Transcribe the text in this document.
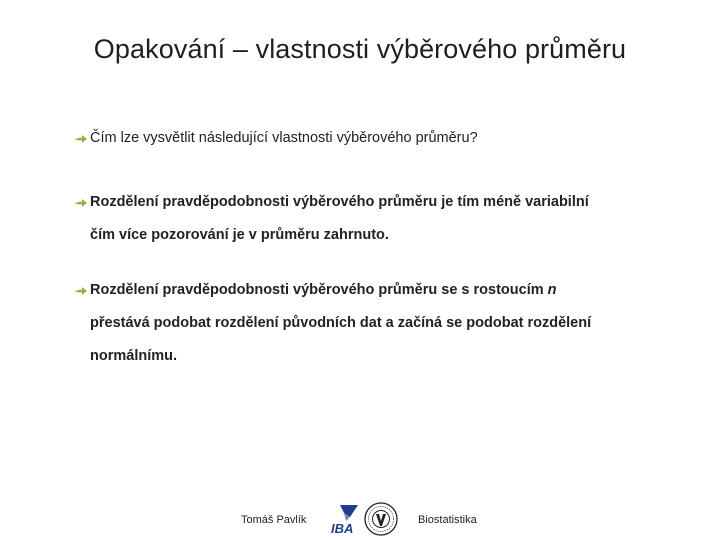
Opakování – vlastnosti výběrového průměru
Čím lze vysvětlit následující vlastnosti výběrového průměru?
Rozdělení pravděpodobnosti výběrového průměru je tím méně variabilní
čím více pozorování je v průměru zahrnuto.
Rozdělení pravděpodobnosti výběrového průměru se s rostoucím n
přestává podobat rozdělení původních dat a začíná se podobat rozdělení
normálnímu.
Tomáš Pavlík
IBA
Biostatistika
